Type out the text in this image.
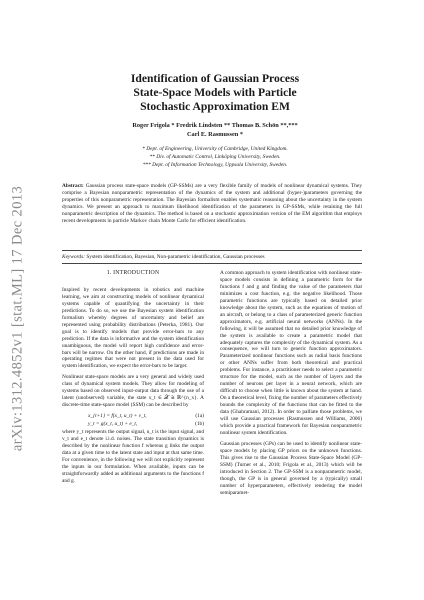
arXiv:1312.4852v1 [stat.ML] 17 Dec 2013
Identification of Gaussian Process
State-Space Models with Particle
Stochastic Approximation EM
Roger Frigola * Fredrik Lindsten ** Thomas B. Schön **,***
Carl E. Rasmussen *
* Dept. of Engineering, University of Cambridge, United Kingdom.
** Div. of Automatic Control, Linköping University, Sweden.
*** Dept. of Information Technology, Uppsala University, Sweden.
Abstract: Gaussian process state-space models (GP-SSMs) are a very flexible family of models of nonlinear dynamical systems. They comprise a Bayesian nonparametric representation of the dynamics of the system and additional (hyper-)parameters governing the properties of this nonparametric representation. The Bayesian formalism enables systematic reasoning about the uncertainty in the system dynamics. We present an approach to maximum likelihood identification of the parameters in GP-SSMs, while retaining the full nonparametric description of the dynamics. The method is based on a stochastic approximation version of the EM algorithm that employs recent developments in particle Markov chain Monte Carlo for efficient identification.
Keywords: System identification, Bayesian, Non-parametric identification, Gaussian processes
1. INTRODUCTION

Inspired by recent developments in robotics and machine learning, we aim at constructing models of nonlinear dynamical systems capable of quantifying the uncertainty in their predictions. To do so, we use the Bayesian system identification formalism whereby degrees of uncertainty and belief are represented using probability distributions (Peterka, 1981). Our goal is to identify models that provide error-bars to any prediction. If the data is informative and the system identification unambiguous, the model will report high confidence and error-bars will be narrow. On the other hand, if predictions are made in operating regimes that were not present in the data used for system identification, we expect the error-bars to be larger.

Nonlinear state-space models are a very general and widely used class of dynamical system models. They allow for modeling of systems based on observed input-output data through the use of a latent (unobserved) variable, the state x_t ∈ 𝒳 ≅ ℝ^{n_x}. A discrete-time state-space model (SSM) can be described by

x_{t+1} = f(x_t, u_t) + v_t,	(1a)
y_t = g(x_t, u_t) + e_t,	(1b)

where y_t represents the output signal, u_t is the input signal, and v_t and e_t denote i.i.d. noises. The state transition dynamics is described by the nonlinear function f whereas g links the output data at a given time to the latent state and input at that same time. For convenience, in the following we will not explicitly represent the inputs in our formulation. When available, inputs can be straightforwardly added as additional arguments to the functions f and g.

A common approach to system identification with nonlinear state-space models consists in defining a parametric form for the functions f and g and finding the value of the parameters that minimizes a cost function, e.g. the negative likelihood. Those parametric functions are typically based on detailed prior knowledge about the system, such as the equations of motion of an aircraft, or belong to a class of parameterized generic function approximators, e.g. artificial neural networks (ANNs). In the following, it will be assumed that no detailed prior knowledge of the system is available to create a parametric model that adequately captures the complexity of the dynamical system. As a consequence, we will turn to generic function approximators. Parameterized nonlinear functions such as radial basis functions or other ANNs suffer from both theoretical and practical problems. For instance, a practitioner needs to select a parametric structure for the model, such as the number of layers and the number of neurons per layer in a neural network, which are difficult to choose when little is known about the system at hand. On a theoretical level, fixing the number of parameters effectively bounds the complexity of the functions that can be fitted to the data (Ghahramani, 2012). In order to palliate those problems, we will use Gaussian processes (Rasmussen and Williams, 2006) which provide a practical framework for Bayesian nonparametric nonlinear system identification.

Gaussian processes (GPs) can be used to identify nonlinear state-space models by placing GP priors on the unknown functions. This gives rise to the Gaussian Process State-Space Model (GP-SSM) (Turner et al., 2010; Frigola et al., 2013) which will be introduced in Section 2. The GP-SSM is a nonparametric model, though, the GP is in general governed by a (typically) small number of hyperparameters, effectively rendering the model semiparamet-
